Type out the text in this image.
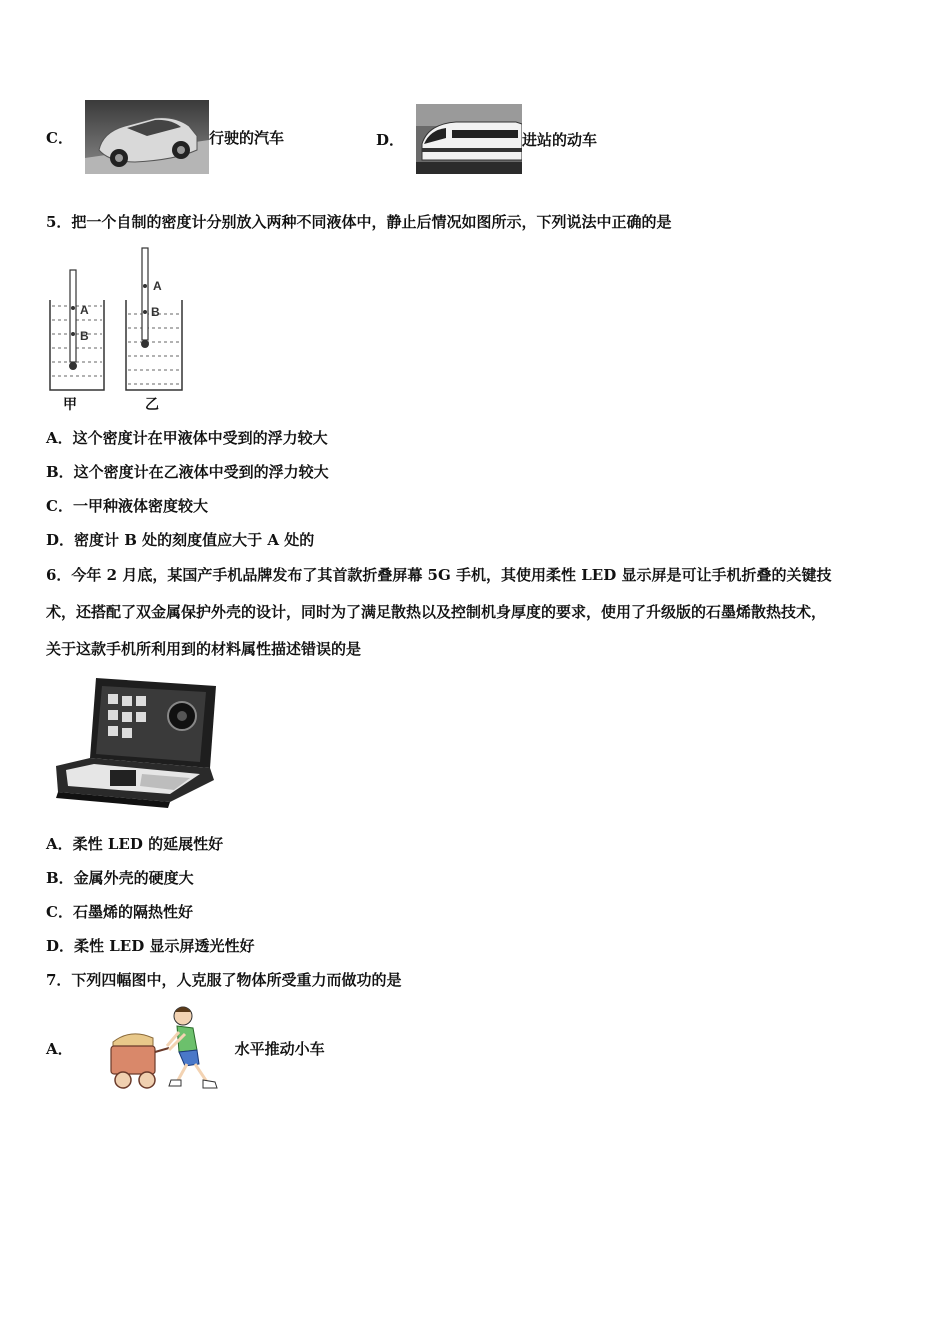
C．	行驶的汽车	D．	进站的动车
5．把一个自制的密度计分别放入两种不同液体中，静止后情况如图所示，下列说法中正确的是
A
B
A
B
甲	乙
A．这个密度计在甲液体中受到的浮力较大
B．这个密度计在乙液体中受到的浮力较大
C．一甲种液体密度较大
D．密度计 B 处的刻度值应大于 A 处的
6．今年 2 月底，某国产手机品牌发布了其首款折叠屏幕 5G 手机，其使用柔性 LED 显示屏是可让手机折叠的关键技
术，还搭配了双金属保护外壳的设计，同时为了满足散热以及控制机身厚度的要求，使用了升级版的石墨烯散热技术，
关于这款手机所利用到的材料属性描述错误的是
A．柔性 LED 的延展性好
B．金属外壳的硬度大
C．石墨烯的隔热性好
D．柔性 LED 显示屏透光性好
7．下列四幅图中，人克服了物体所受重力而做功的是
A．	水平推动小车
